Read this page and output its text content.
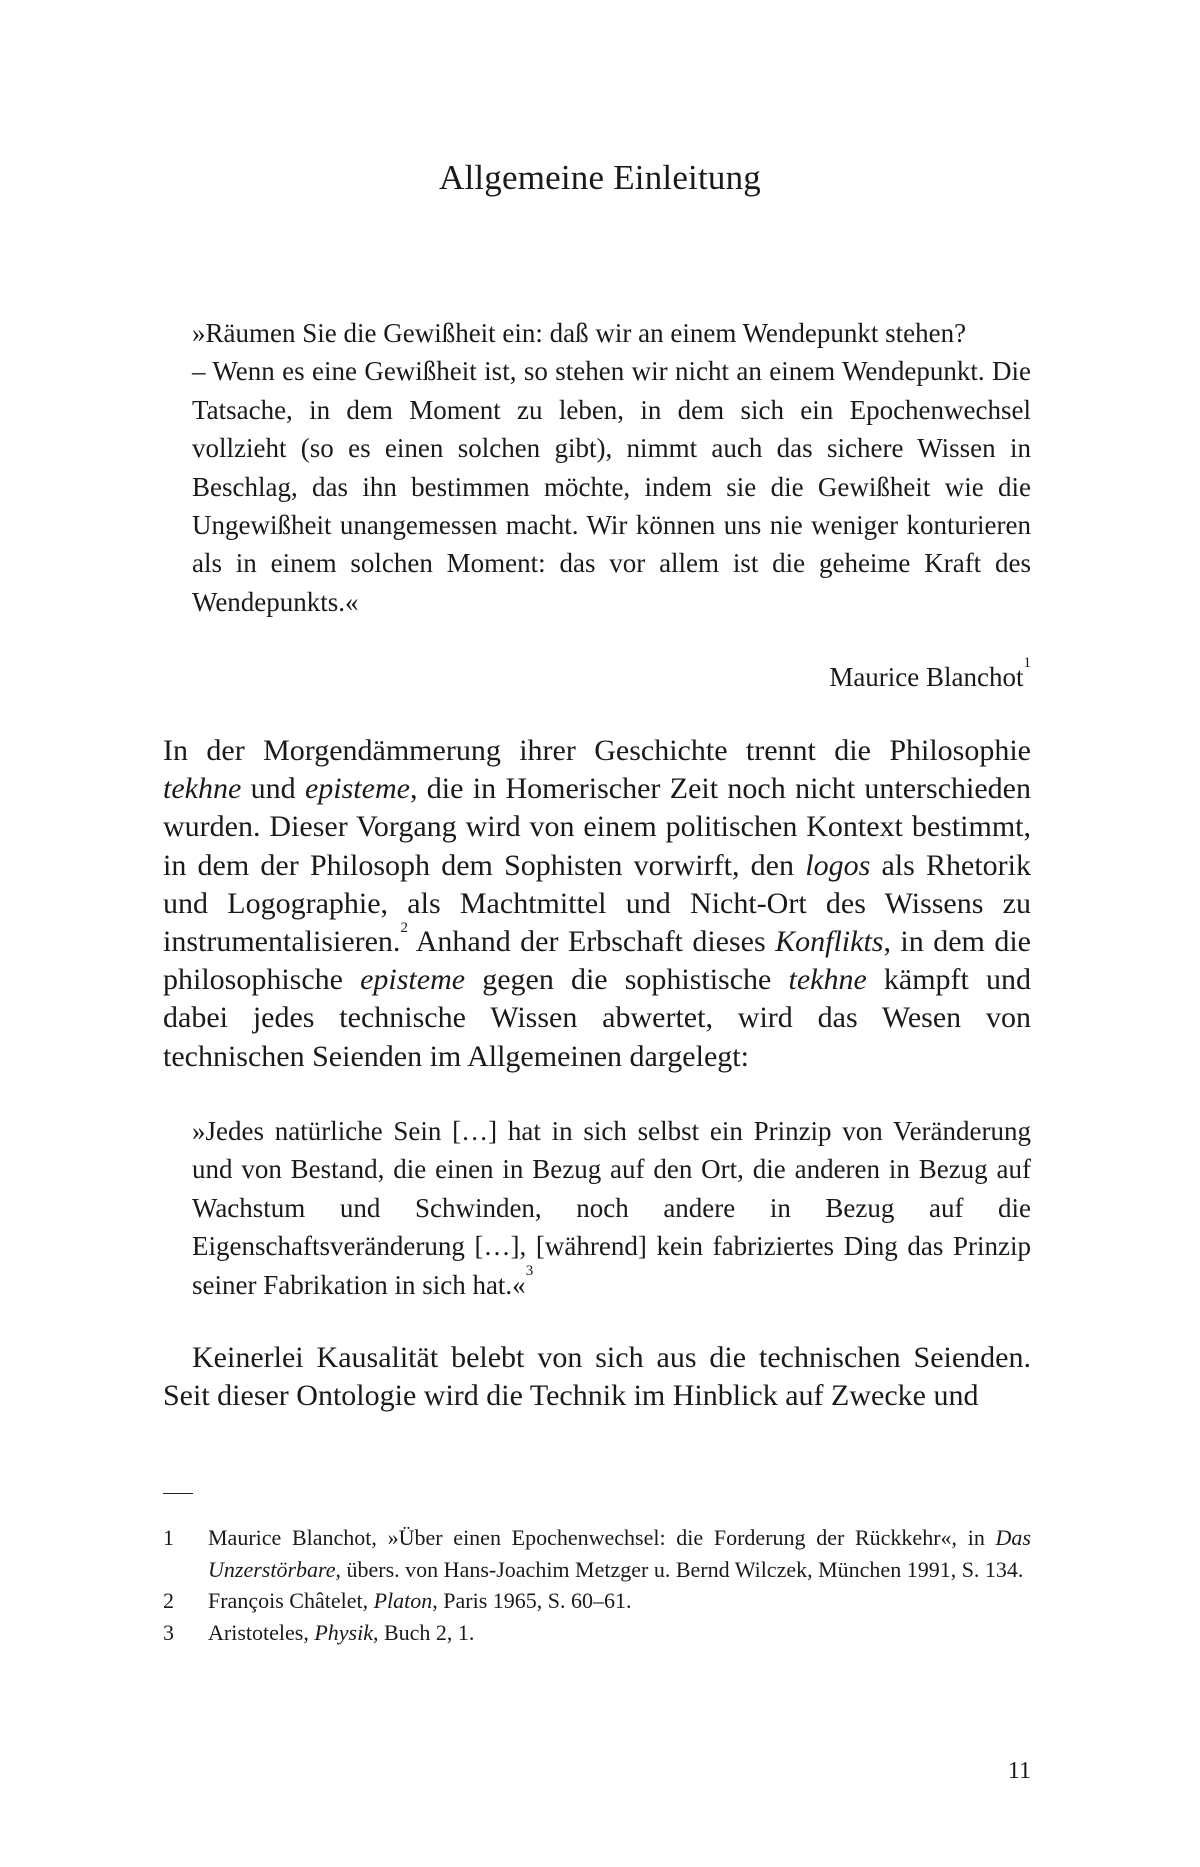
Allgemeine Einleitung

»Räumen Sie die Gewißheit ein: daß wir an einem Wendepunkt stehen?

– Wenn es eine Gewißheit ist, so stehen wir nicht an einem Wendepunkt. Die Tatsache, in dem Moment zu leben, in dem sich ein Epochenwechsel vollzieht (so es einen solchen gibt), nimmt auch das sichere Wissen in Beschlag, das ihn bestimmen möchte, indem sie die Gewißheit wie die Ungewißheit unangemessen macht. Wir können uns nie weniger konturieren als in einem solchen Moment: das vor allem ist die geheime Kraft des Wendepunkts.«

Maurice Blanchot$^1$
In der Morgendämmerung ihrer Geschichte trennt die Philosophie tekhne und episteme, die in Homerischer Zeit noch nicht unterschieden wurden. Dieser Vorgang wird von einem politischen Kontext bestimmt, in dem der Philosoph dem Sophisten vorwirft, den logos als Rhetorik und Logographie, als Machtmittel und Nicht-Ort des Wissens zu instrumentalisieren.$^2$ Anhand der Erbschaft dieses Konflikts, in dem die philosophische episteme gegen die sophistische tekhne kämpft und dabei jedes technische Wissen abwertet, wird das Wesen von technischen Seienden im Allgemeinen dargelegt:
»Jedes natürliche Sein […] hat in sich selbst ein Prinzip von Veränderung und von Bestand, die einen in Bezug auf den Ort, die anderen in Bezug auf Wachstum und Schwinden, noch andere in Bezug auf die Eigenschaftsveränderung […], [während] kein fabriziertes Ding das Prinzip seiner Fabrikation in sich hat.«$^3$
Keinerlei Kausalität belebt von sich aus die technischen Seienden. Seit dieser Ontologie wird die Technik im Hinblick auf Zwecke und
1	Maurice Blanchot, »Über einen Epochenwechsel: die Forderung der Rückkehr«, in Das Unzerstörbare, übers. von Hans-Joachim Metzger u. Bernd Wilczek, München 1991, S. 134.
2	François Châtelet, Platon, Paris 1965, S. 60–61.
3	Aristoteles, Physik, Buch 2, 1.
11
